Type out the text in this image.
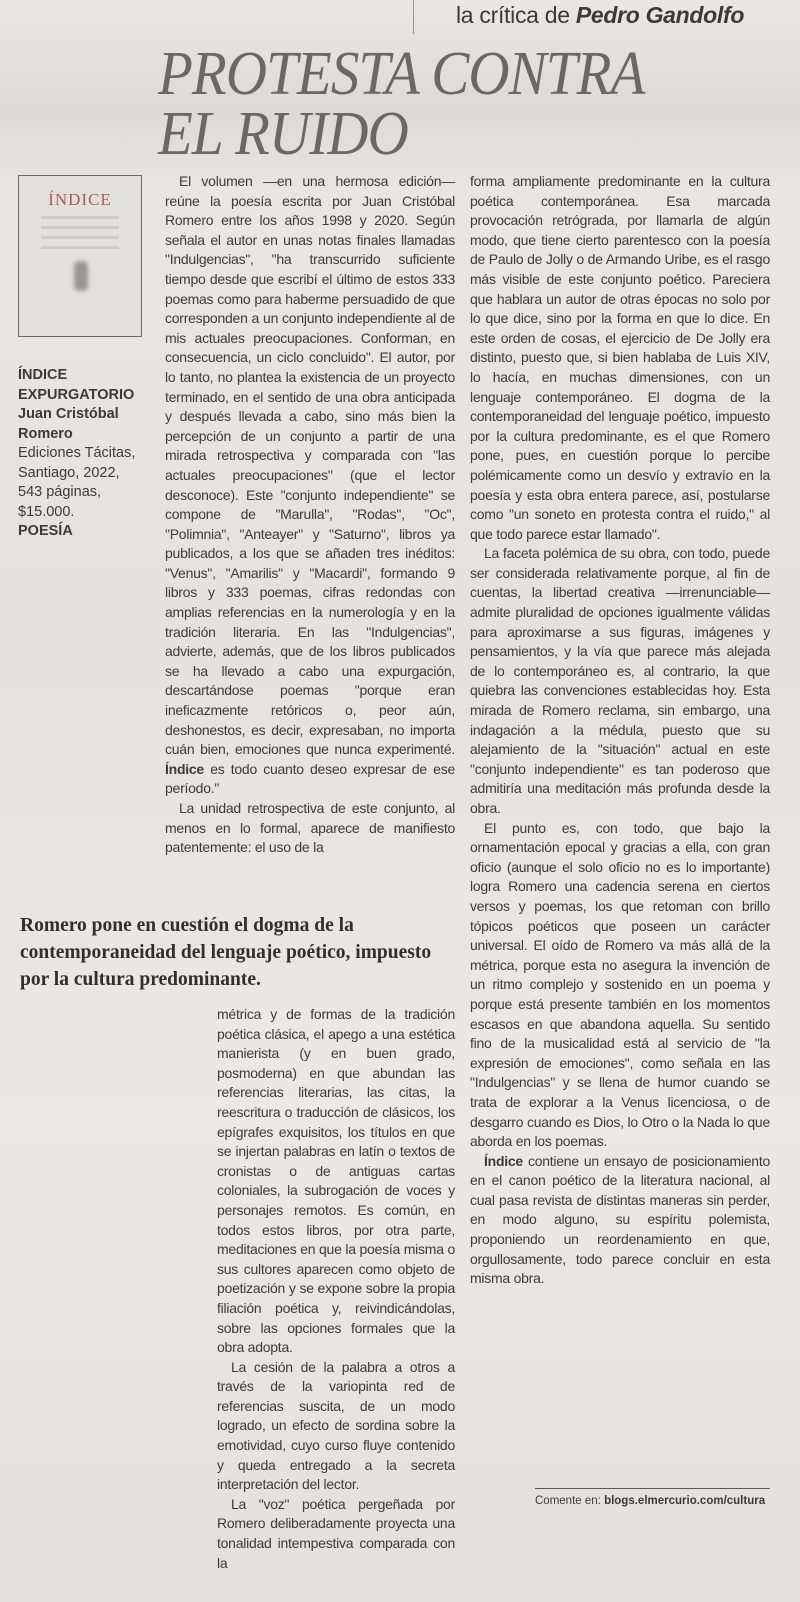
la crítica de Pedro Gandolfo
PROTESTA CONTRA
EL RUIDO
ÍNDICE
ÍNDICE
EXPURGATORIO
Juan Cristóbal Romero
Ediciones Tácitas, Santiago, 2022,
543 páginas,
$15.000.
POESÍA

El volumen —en una hermosa edición— reúne la poesía escrita por Juan Cristóbal Romero entre los años 1998 y 2020. Según señala el autor en unas notas finales llamadas "Indulgencias", "ha transcurrido suficiente tiempo desde que escribí el último de estos 333 poemas como para haberme persuadido de que corresponden a un conjunto independiente al de mis actuales preocupaciones. Conforman, en consecuencia, un ciclo concluido". El autor, por lo tanto, no plantea la existencia de un proyecto terminado, en el sentido de una obra anticipada y después llevada a cabo, sino más bien la percepción de un conjunto a partir de una mirada retrospectiva y comparada con "las actuales preocupaciones" (que el lector desconoce). Este "conjunto independiente" se compone de "Marulla", "Rodas", "Oc", "Polimnia", "Anteayer" y "Saturno", libros ya publicados, a los que se añaden tres inéditos: "Venus", "Amarilis" y "Macardi", formando 9 libros y 333 poemas, cifras redondas con amplias referencias en la numerología y en la tradición literaria. En las "Indulgencias", advierte, además, que de los libros publicados se ha llevado a cabo una expurgación, descartándose poemas "porque eran ineficazmente retóricos o, peor aún, deshonestos, es decir, expresaban, no importa cuán bien, emociones que nunca experimenté. Índice es todo cuanto deseo expresar de ese período."

La unidad retrospectiva de este conjunto, al menos en lo formal, aparece de manifiesto patentemente: el uso de la

Romero pone en cuestión el dogma de la contemporaneidad del lenguaje poético, impuesto por la cultura predominante.

métrica y de formas de la tradición poética clásica, el apego a una estética manierista (y en buen grado, posmoderna) en que abundan las referencias literarias, las citas, la reescritura o traducción de clásicos, los epígrafes exquisitos, los títulos en que se injertan palabras en latín o textos de cronistas o de antiguas cartas coloniales, la subrogación de voces y personajes remotos. Es común, en todos estos libros, por otra parte, meditaciones en que la poesía misma o sus cultores aparecen como objeto de poetización y se expone sobre la propia filiación poética y, reivindicándolas, sobre las opciones formales que la obra adopta.

La cesión de la palabra a otros a través de la variopinta red de referencias suscita, de un modo logrado, un efecto de sordina sobre la emotividad, cuyo curso fluye contenido y queda entregado a la secreta interpretación del lector.

La "voz" poética pergeñada por Romero deliberadamente proyecta una tonalidad intempestiva comparada con la

forma ampliamente predominante en la cultura poética contemporánea. Esa marcada provocación retrógrada, por llamarla de algún modo, que tiene cierto parentesco con la poesía de Paulo de Jolly o de Armando Uribe, es el rasgo más visible de este conjunto poético. Pareciera que hablara un autor de otras épocas no solo por lo que dice, sino por la forma en que lo dice. En este orden de cosas, el ejercicio de De Jolly era distinto, puesto que, si bien hablaba de Luis XIV, lo hacía, en muchas dimensiones, con un lenguaje contemporáneo. El dogma de la contemporaneidad del lenguaje poético, impuesto por la cultura predominante, es el que Romero pone, pues, en cuestión porque lo percibe polémicamente como un desvío y extravío en la poesía y esta obra entera parece, así, postularse como "un soneto en protesta contra el ruido," al que todo parece estar llamado".

La faceta polémica de su obra, con todo, puede ser considerada relativamente porque, al fin de cuentas, la libertad creativa —irrenunciable— admite pluralidad de opciones igualmente válidas para aproximarse a sus figuras, imágenes y pensamientos, y la vía que parece más alejada de lo contemporáneo es, al contrario, la que quiebra las convenciones establecidas hoy. Esta mirada de Romero reclama, sin embargo, una indagación a la médula, puesto que su alejamiento de la "situación" actual en este "conjunto independiente" es tan poderoso que admitiría una meditación más profunda desde la obra.

El punto es, con todo, que bajo la ornamentación epocal y gracias a ella, con gran oficio (aunque el solo oficio no es lo importante) logra Romero una cadencia serena en ciertos versos y poemas, los que retoman con brillo tópicos poéticos que poseen un carácter universal. El oído de Romero va más allá de la métrica, porque esta no asegura la invención de un ritmo complejo y sostenido en un poema y porque está presente también en los momentos escasos en que abandona aquella. Su sentido fino de la musicalidad está al servicio de "la expresión de emociones", como señala en las "Indulgencias" y se llena de humor cuando se trata de explorar a la Venus licenciosa, o de desgarro cuando es Dios, lo Otro o la Nada lo que aborda en los poemas.

Índice contiene un ensayo de posicionamiento en el canon poético de la literatura nacional, al cual pasa revista de distintas maneras sin perder, en modo alguno, su espíritu polemista, proponiendo un reordenamiento en que, orgullosamente, todo parece concluir en esta misma obra.

Comente en: blogs.elmercurio.com/cultura
